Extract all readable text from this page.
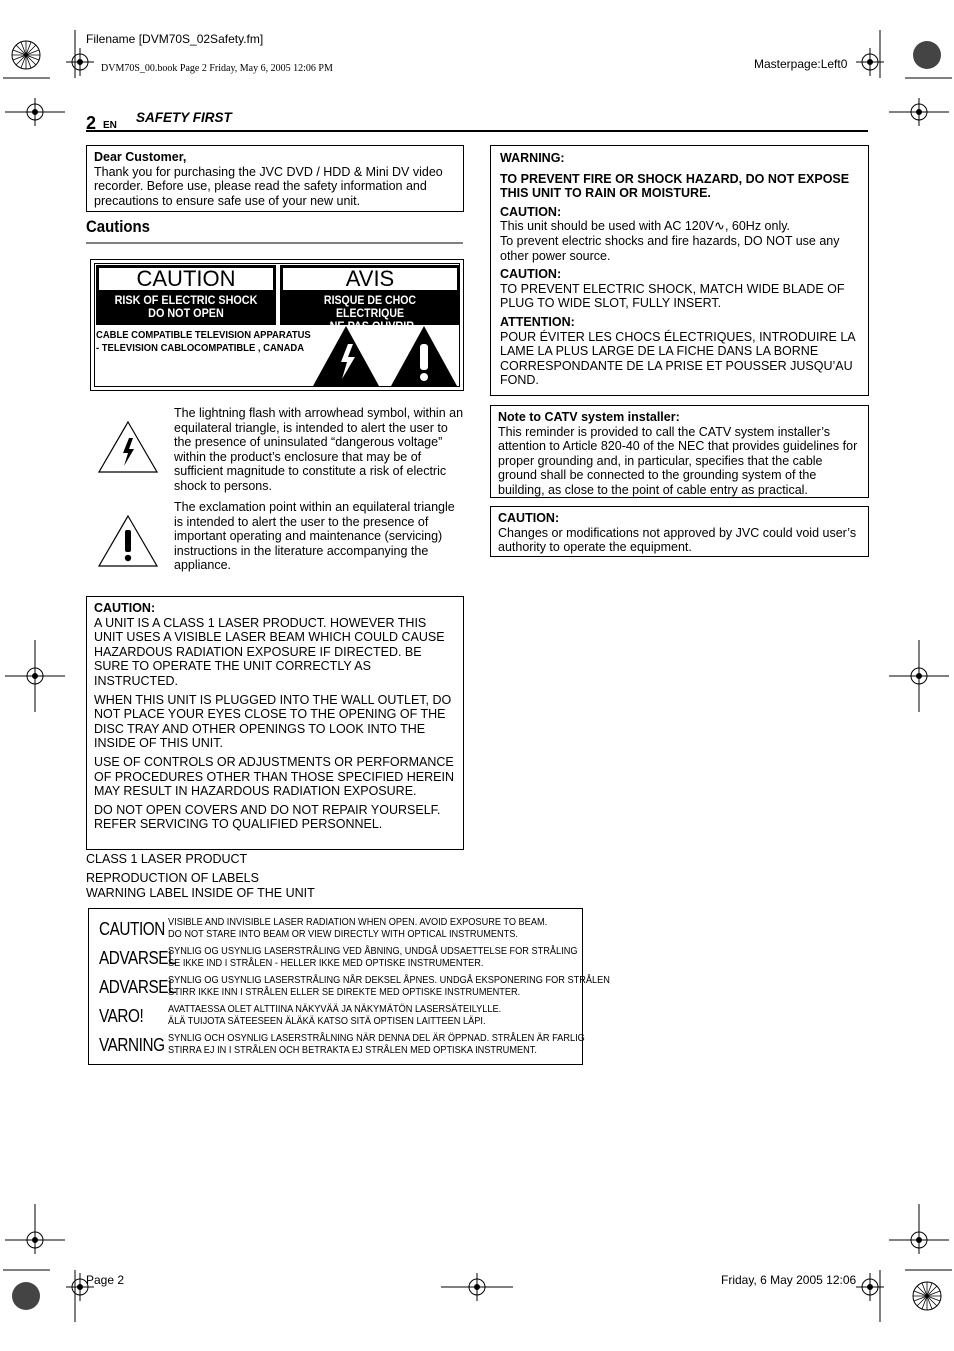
Filename [DVM70S_02Safety.fm]
DVM70S_00.book Page 2 Friday, May 6, 2005 12:06 PM	Masterpage:Left0
2 EN
SAFETY FIRST
Dear Customer,

Thank you for purchasing the JVC DVD / HDD & Mini DV video recorder. Before use, please read the safety information and precautions to ensure safe use of your new unit.

Cautions
CAUTION
RISK OF ELECTRIC SHOCK
DO NOT OPEN
AVIS
RISQUE DE CHOC ELECTRIQUE
- NE PAS OUVRIR.
CABLE COMPATIBLE TELEVISION APPARATUS
- TELEVISION CABLOCOMPATIBLE , CANADA
The lightning flash with arrowhead symbol, within an equilateral triangle, is intended to alert the user to the presence of uninsulated “dangerous voltage” within the product’s enclosure that may be of sufficient magnitude to constitute a risk of electric shock to persons.
The exclamation point within an equilateral triangle is intended to alert the user to the presence of important operating and maintenance (servicing) instructions in the literature accompanying the appliance.
CAUTION:

A UNIT IS A CLASS 1 LASER PRODUCT. HOWEVER THIS UNIT USES A VISIBLE LASER BEAM WHICH COULD CAUSE HAZARDOUS RADIATION EXPOSURE IF DIRECTED. BE SURE TO OPERATE THE UNIT CORRECTLY AS INSTRUCTED.

WHEN THIS UNIT IS PLUGGED INTO THE WALL OUTLET, DO NOT PLACE YOUR EYES CLOSE TO THE OPENING OF THE DISC TRAY AND OTHER OPENINGS TO LOOK INTO THE INSIDE OF THIS UNIT.

USE OF CONTROLS OR ADJUSTMENTS OR PERFORMANCE OF PROCEDURES OTHER THAN THOSE SPECIFIED HEREIN MAY RESULT IN HAZARDOUS RADIATION EXPOSURE.

DO NOT OPEN COVERS AND DO NOT REPAIR YOURSELF. REFER SERVICING TO QUALIFIED PERSONNEL.

CLASS 1 LASER PRODUCT
REPRODUCTION OF LABELS
WARNING LABEL INSIDE OF THE UNIT
CAUTION VISIBLE AND INVISIBLE LASER RADIATION WHEN OPEN. AVOID EXPOSURE TO BEAM.
DO NOT STARE INTO BEAM OR VIEW DIRECTLY WITH OPTICAL INSTRUMENTS.
ADVARSEL
SYNLIG OG USYNLIG LASERSTRÅLING VED ÅBNING, UNDGÅ UDSAETTELSE FOR STRÅLING
SE IKKE IND I STRÅLEN - HELLER IKKE MED OPTISKE INSTRUMENTER.
ADVARSEL
SYNLIG OG USYNLIG LASERSTRÅLING NÅR DEKSEL ÅPNES. UNDGÅ EKSPONERING FOR STRÅLEN
STIRR IKKE INN I STRÅLEN ELLER SE DIREKTE MED OPTISKE INSTRUMENTER.
VARO! AVATTAESSA OLET ALTTIINA NÄKYVÄÄ JA NÄKYMÄTÖN LASERSÄTEILYLLE.
ÄLÄ TUIJOTA SÄTEESEEN ÄLÄKÄ KATSO SITÄ OPTISEN LAITTEEN LÄPI.
VARNING SYNLIG OCH OSYNLIG LASERSTRÅLNING NÄR DENNA DEL ÄR ÖPPNAD. STRÅLEN ÄR FARLIG
STIRRA EJ IN I STRÅLEN OCH BETRAKTA EJ STRÅLEN MED OPTISKA INSTRUMENT.
WARNING:

TO PREVENT FIRE OR SHOCK HAZARD, DO NOT EXPOSE THIS UNIT TO RAIN OR MOISTURE.

CAUTION:

This unit should be used with AC 120V∿, 60Hz only.

To prevent electric shocks and fire hazards, DO NOT use any other power source.

CAUTION:

TO PREVENT ELECTRIC SHOCK, MATCH WIDE BLADE OF PLUG TO WIDE SLOT, FULLY INSERT.

ATTENTION:

POUR ÉVITER LES CHOCS ÉLECTRIQUES, INTRODUIRE LA LAME LA PLUS LARGE DE LA FICHE DANS LA BORNE CORRESPONDANTE DE LA PRISE ET POUSSER JUSQU’AU FOND.

Note to CATV system installer:

This reminder is provided to call the CATV system installer’s attention to Article 820-40 of the NEC that provides guidelines for proper grounding and, in particular, specifies that the cable ground shall be connected to the grounding system of the building, as close to the point of cable entry as practical.

CAUTION:

Changes or modifications not approved by JVC could void user’s authority to operate the equipment.

Page 2	Friday, 6 May 2005 12:06
